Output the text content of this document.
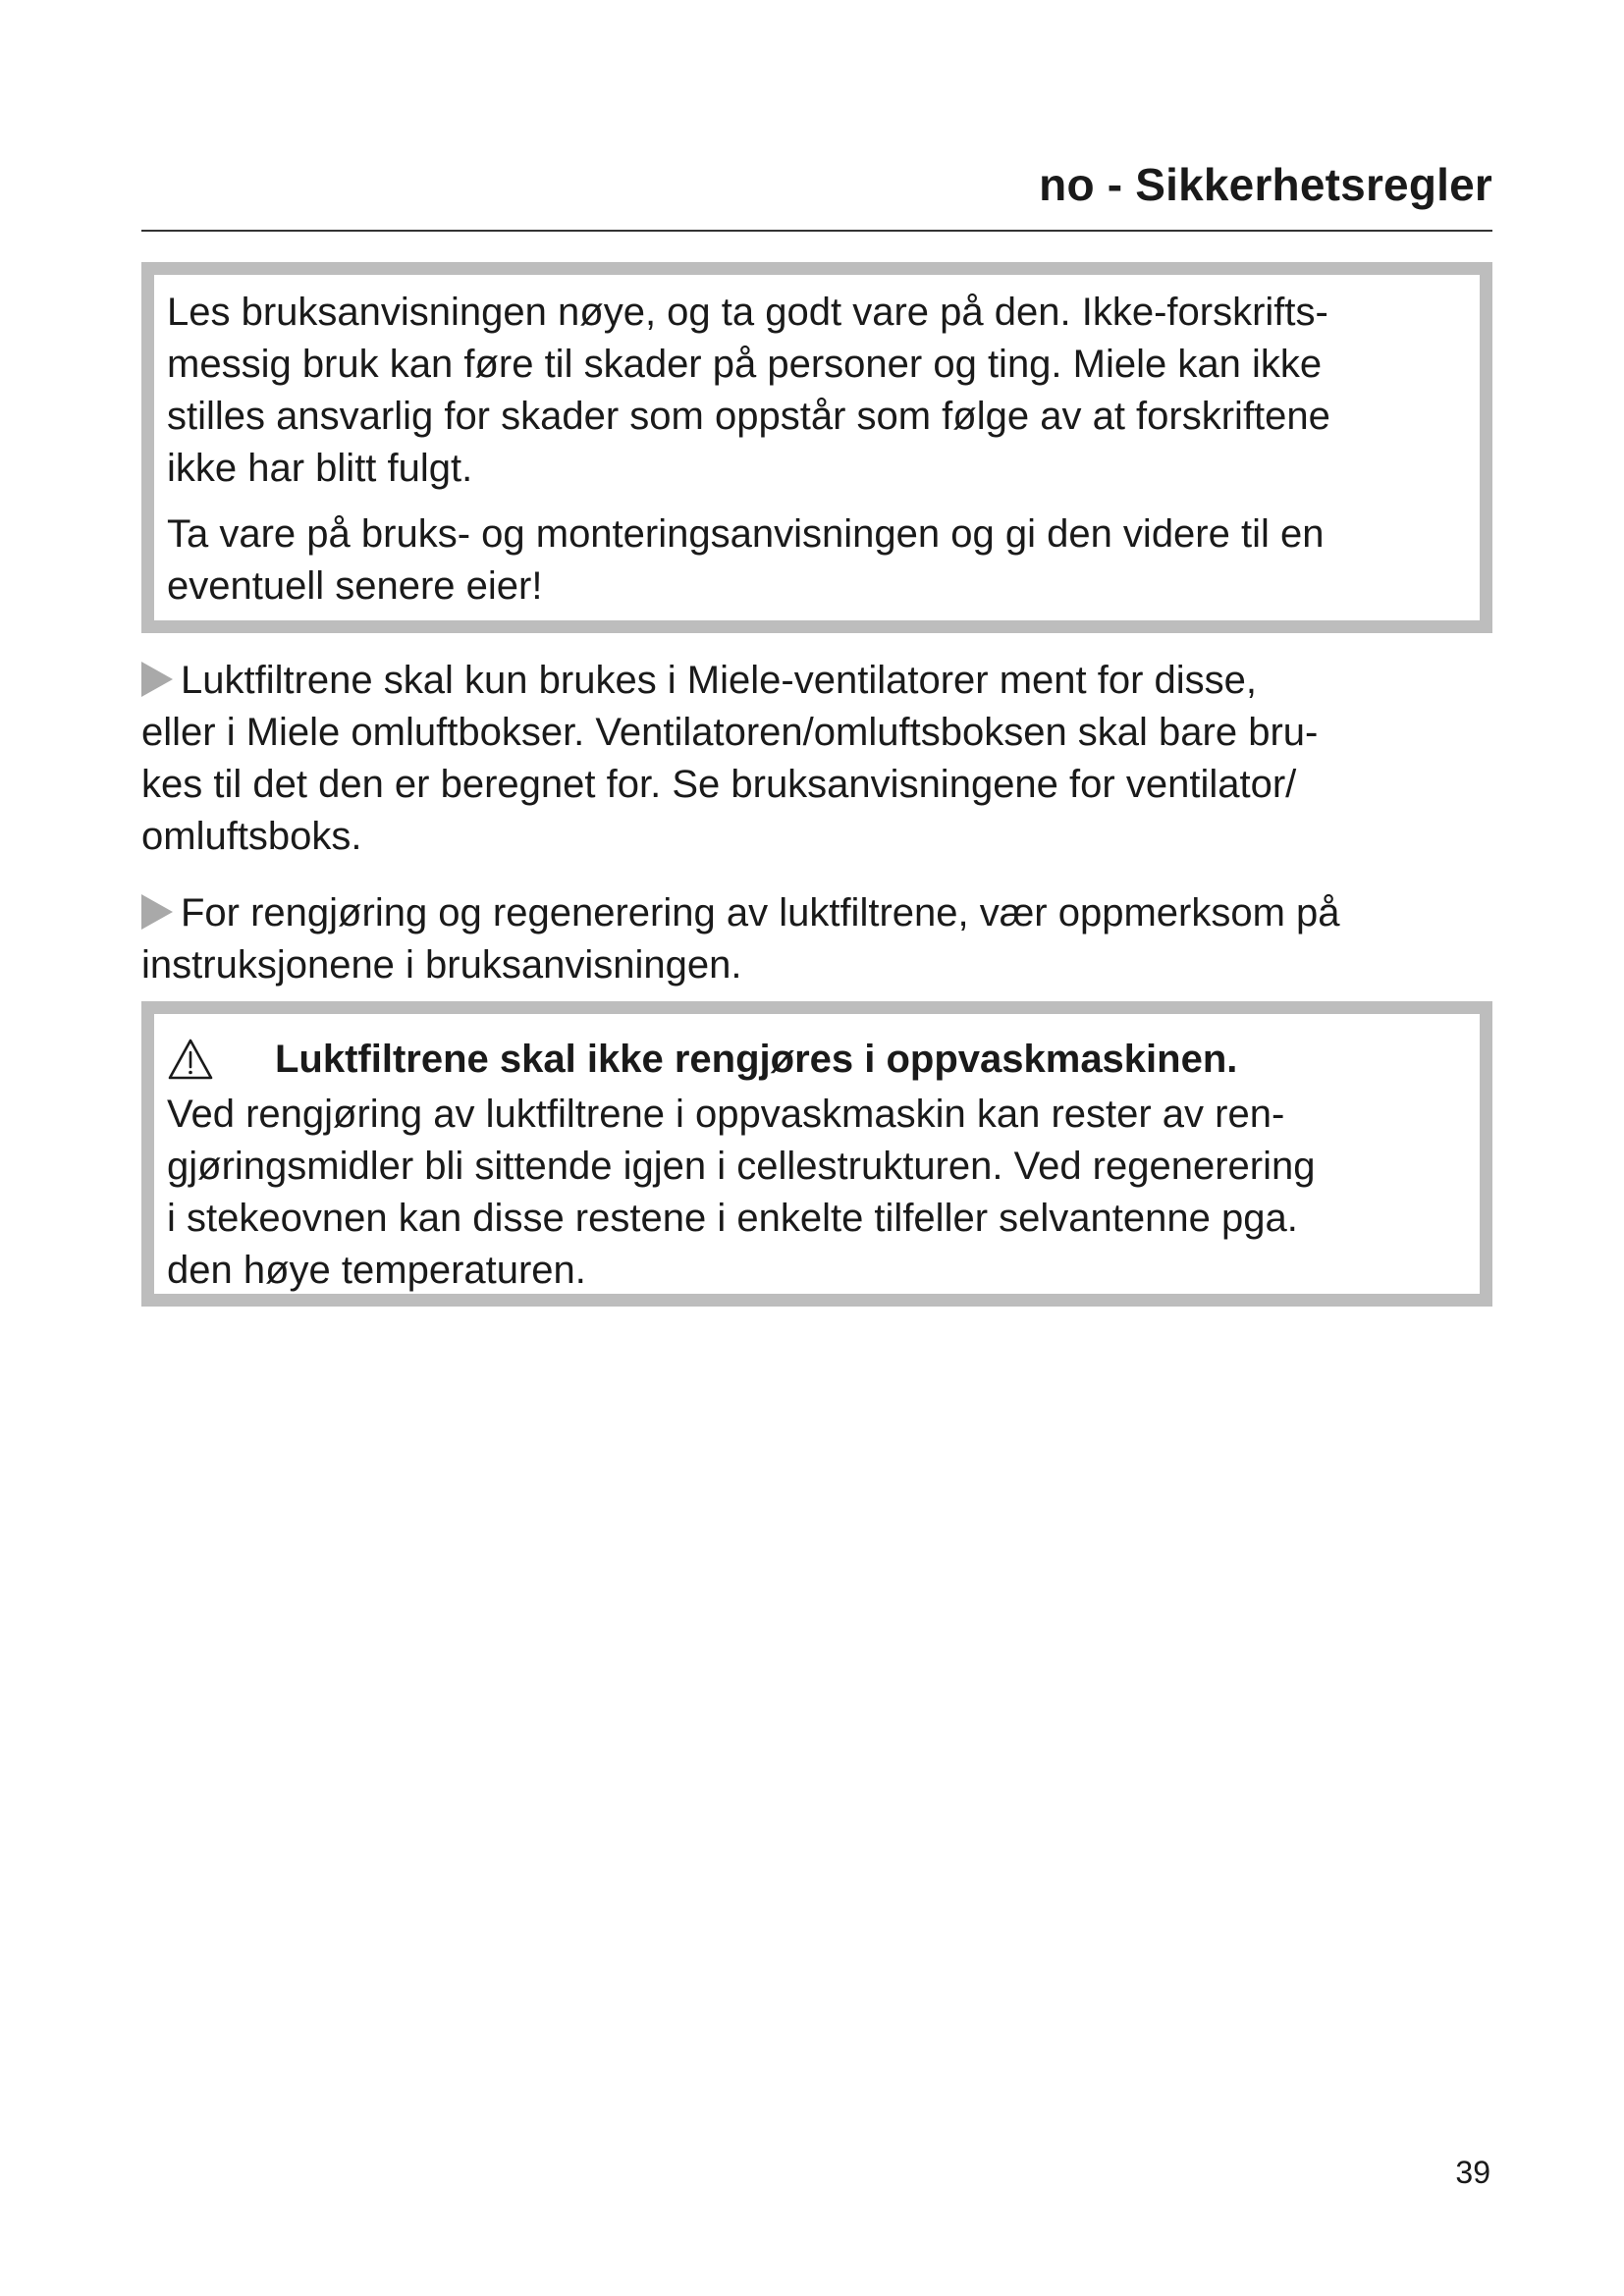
no - Sikkerhetsregler

Les bruksanvisningen nøye, og ta godt vare på den. Ikke-forskrifts-
messig bruk kan føre til skader på personer og ting. Miele kan ikke
stilles ansvarlig for skader som oppstår som følge av at forskriftene
ikke har blitt fulgt.

Ta vare på bruks- og monteringsanvisningen og gi den videre til en
eventuell senere eier!

Luktfiltrene skal kun brukes i Miele-ventilatorer ment for disse,
eller i Miele omluftbokser. Ventilatoren/omluftsboksen skal bare bru-
kes til det den er beregnet for. Se bruksanvisningene for ventilator/
omluftsboks.

For rengjøring og regenerering av luktfiltrene, vær oppmerksom på
instruksjonene i bruksanvisningen.

Luktfiltrene skal ikke rengjøres i oppvaskmaskinen.

Ved rengjøring av luktfiltrene i oppvaskmaskin kan rester av ren-
gjøringsmidler bli sittende igjen i cellestrukturen. Ved regenerering
i stekeovnen kan disse restene i enkelte tilfeller selvantenne pga.
den høye temperaturen.

39
